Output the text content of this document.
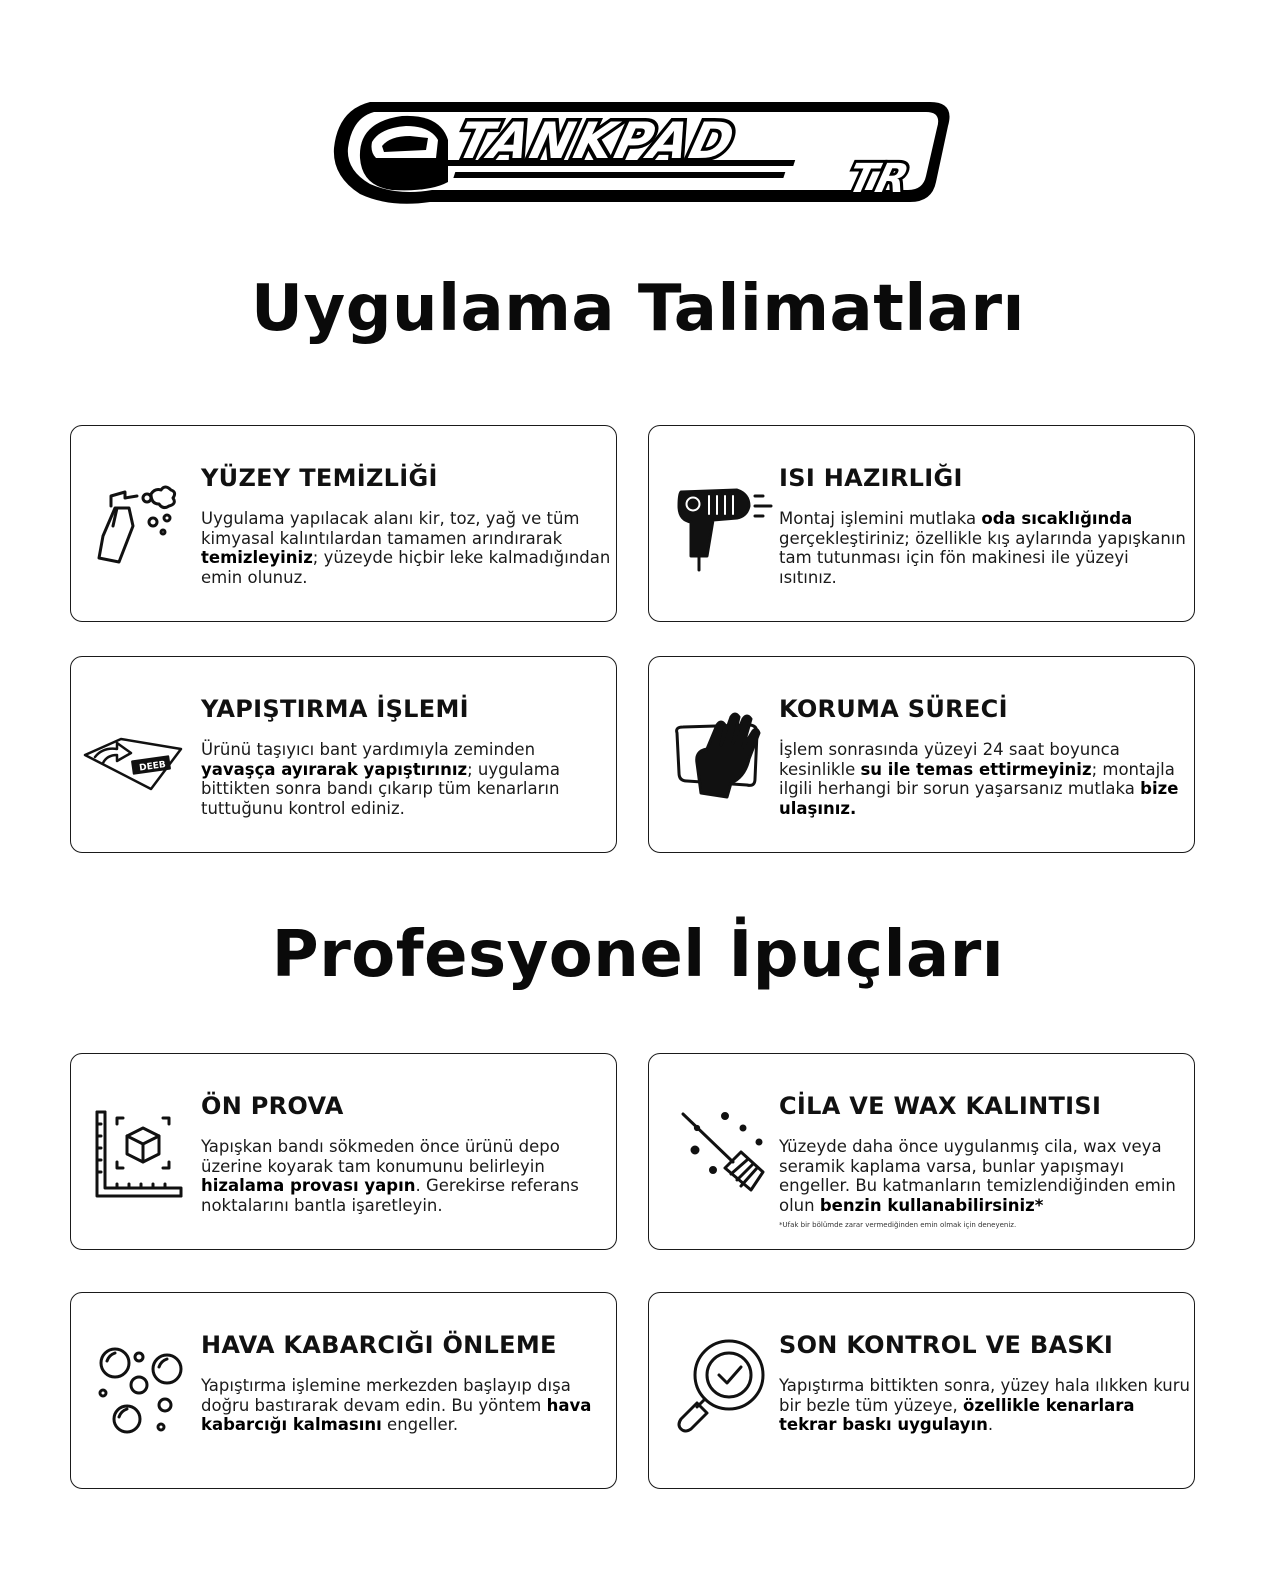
TANKPAD
TR
Uygulama Talimatları
YÜZEY TEMİZLİĞİ

Uygulama yapılacak alanı kir, toz, yağ ve tüm kimyasal kalıntılardan tamamen arındırarak temizleyiniz; yüzeyde hiçbir leke kalmadığından emin olunuz.

ISI HAZIRLIĞI

Montaj işlemini mutlaka oda sıcaklığında gerçekleştiriniz; özellikle kış aylarında yapışkanın tam tutunması için fön makinesi ile yüzeyi ısıtınız.

DEEB
YAPIŞTIRMA İŞLEMİ

Ürünü taşıyıcı bant yardımıyla zeminden yavaşça ayırarak yapıştırınız; uygulama bittikten sonra bandı çıkarıp tüm kenarların tuttuğunu kontrol ediniz.

KORUMA SÜRECİ

İşlem sonrasında yüzeyi 24 saat boyunca kesinlikle su ile temas ettirmeyiniz; montajla ilgili herhangi bir sorun yaşarsanız mutlaka bize ulaşınız.

Profesyonel İpuçları
ÖN PROVA

Yapışkan bandı sökmeden önce ürünü depo üzerine koyarak tam konumunu belirleyin hizalama provası yapın. Gerekirse referans noktalarını bantla işaretleyin.

CİLA VE WAX KALINTISI

Yüzeyde daha önce uygulanmış cila, wax veya seramik kaplama varsa, bunlar yapışmayı engeller. Bu katmanların temizlendiğinden emin olun benzin kullanabilirsiniz*

*Ufak bir bölümde zarar vermediğinden emin olmak için deneyeniz.
HAVA KABARCIĞI ÖNLEME

Yapıştırma işlemine merkezden başlayıp dışa doğru bastırarak devam edin. Bu yöntem hava kabarcığı kalmasını engeller.

SON KONTROL VE BASKI

Yapıştırma bittikten sonra, yüzey hala ılıkken kuru bir bezle tüm yüzeye, özellikle kenarlara tekrar baskı uygulayın.
